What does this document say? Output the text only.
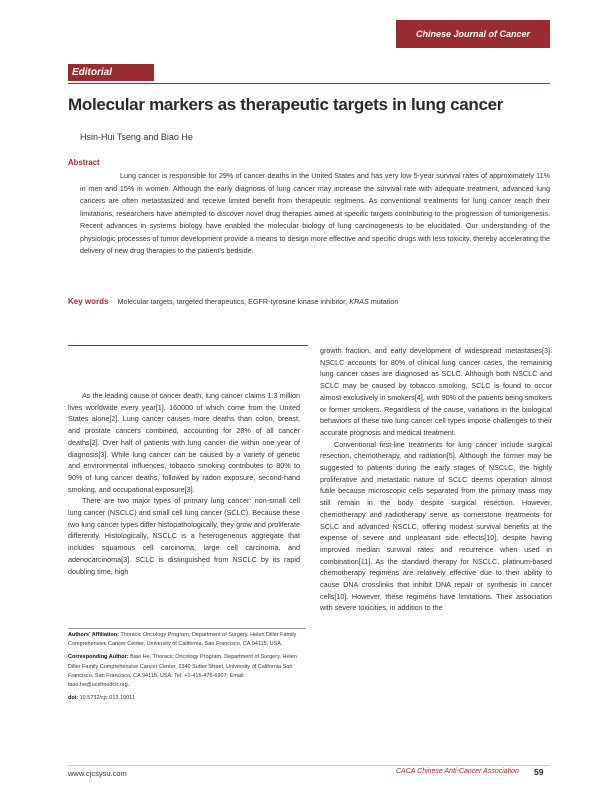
Chinese Journal of Cancer
Editorial
Molecular markers as therapeutic targets in lung cancer
Hsin-Hui Tseng and Biao He
Abstract
Lung cancer is responsible for 29% of cancer deaths in the United States and has very low 5-year survival rates of approximately 11% in men and 15% in women. Although the early diagnosis of lung cancer may increase the survival rate with adequate treatment, advanced lung cancers are often metastasized and receive limited benefit from therapeutic regimens. As conventional treatments for lung cancer reach their limitations, researchers have attempted to discover novel drug therapies aimed at specific targets contributing to the progression of tumorigenesis. Recent advances in systems biology have enabled the molecular biology of lung carcinogenesis to be elucidated. Our understanding of the physiologic processes of tumor development provide a means to design more effective and specific drugs with less toxicity, thereby accelerating the delivery of new drug therapies to the patient's bedside.
Key words Molecular targets, targeted therapeutics, EGFR-tyrosine kinase inhibitor, KRAS mutation

As the leading cause of cancer death, lung cancer claims 1.3 million lives worldwide every year[1], 160000 of which come from the United States alone[2]. Lung cancer causes more deaths than colon, breast, and prostate cancers combined, accounting for 28% of all cancer deaths[2]. Over half of patients with lung cancer die within one year of diagnosis[3]. While lung cancer can be caused by a variety of genetic and environmental influences, tobacco smoking contributes to 80% to 90% of lung cancer deaths, followed by radon exposure, second-hand smoking, and occupational exposure[3].

There are two major types of primary lung cancer: non-small cell lung cancer (NSCLC) and small cell lung cancer (SCLC). Because these two lung cancer types differ histopathologically, they grow and proliferate differently. Histologically, NSCLC is a heterogeneous aggregate that includes squamous cell carcinoma, large cell carcinoma, and adenocarcinoma[3]. SCLC is distinguished from NSCLC by its rapid doubling time, high

growth fraction, and early development of widespread metastases[3]. NSCLC accounts for 80% of clinical lung cancer cases, the remaining lung cancer cases are diagnosed as SCLC. Although both NSCLC and SCLC may be caused by tobacco smoking, SCLC is found to occur almost exclusively in smokers[4], with 90% of the patients being smokers or former smokers. Regardless of the cause, variations in the biological behaviors of these two lung cancer cell types impose challenges to their accurate prognosis and medical treatment.

Conventional first-line treatments for lung cancer include surgical resection, chemotherapy, and radiation[5]. Although the former may be suggested to patients during the early stages of NSCLC, the highly proliferative and metastatic nature of SCLC deems operation almost futile because microscopic cells separated from the primary mass may still remain in the body despite surgical resection. However, chemotherapy and radiotherapy serve as cornerstone treatments for SCLC and advanced NSCLC, offering modest survival benefits at the expense of severe and unpleasant side effects[10], despite having improved median survival rates and recurrence when used in combination[11]. As the standard therapy for NSCLC, platinum-based chemotherapy regimens are relatively effective due to their ability to cause DNA crosslinks that inhibit DNA repair or synthesis in cancer cells[10]. However, these regimens have limitations. Their association with severe toxicities, in addition to the

Authors' Affiliation: Thoracic Oncology Program, Department of Surgery, Helen Diller Family Comprehensive Cancer Center, University of California, San Francisco, CA 94115, USA.
Corresponding Author: Biao He, Thoracic Oncology Program, Department of Surgery, Helen Diller Family Comprehensive Cancer Center, 2340 Sutter Street, University of California San Francisco, San Francisco, CA 94115, USA. Tel: +1-415-476-6907; Email: biao.he@ucsfmedctr.org.
doi: 10.5732/cjc.013.10011
www.cjcsysu.com	CACA Chinese Anti-Cancer Association 59
